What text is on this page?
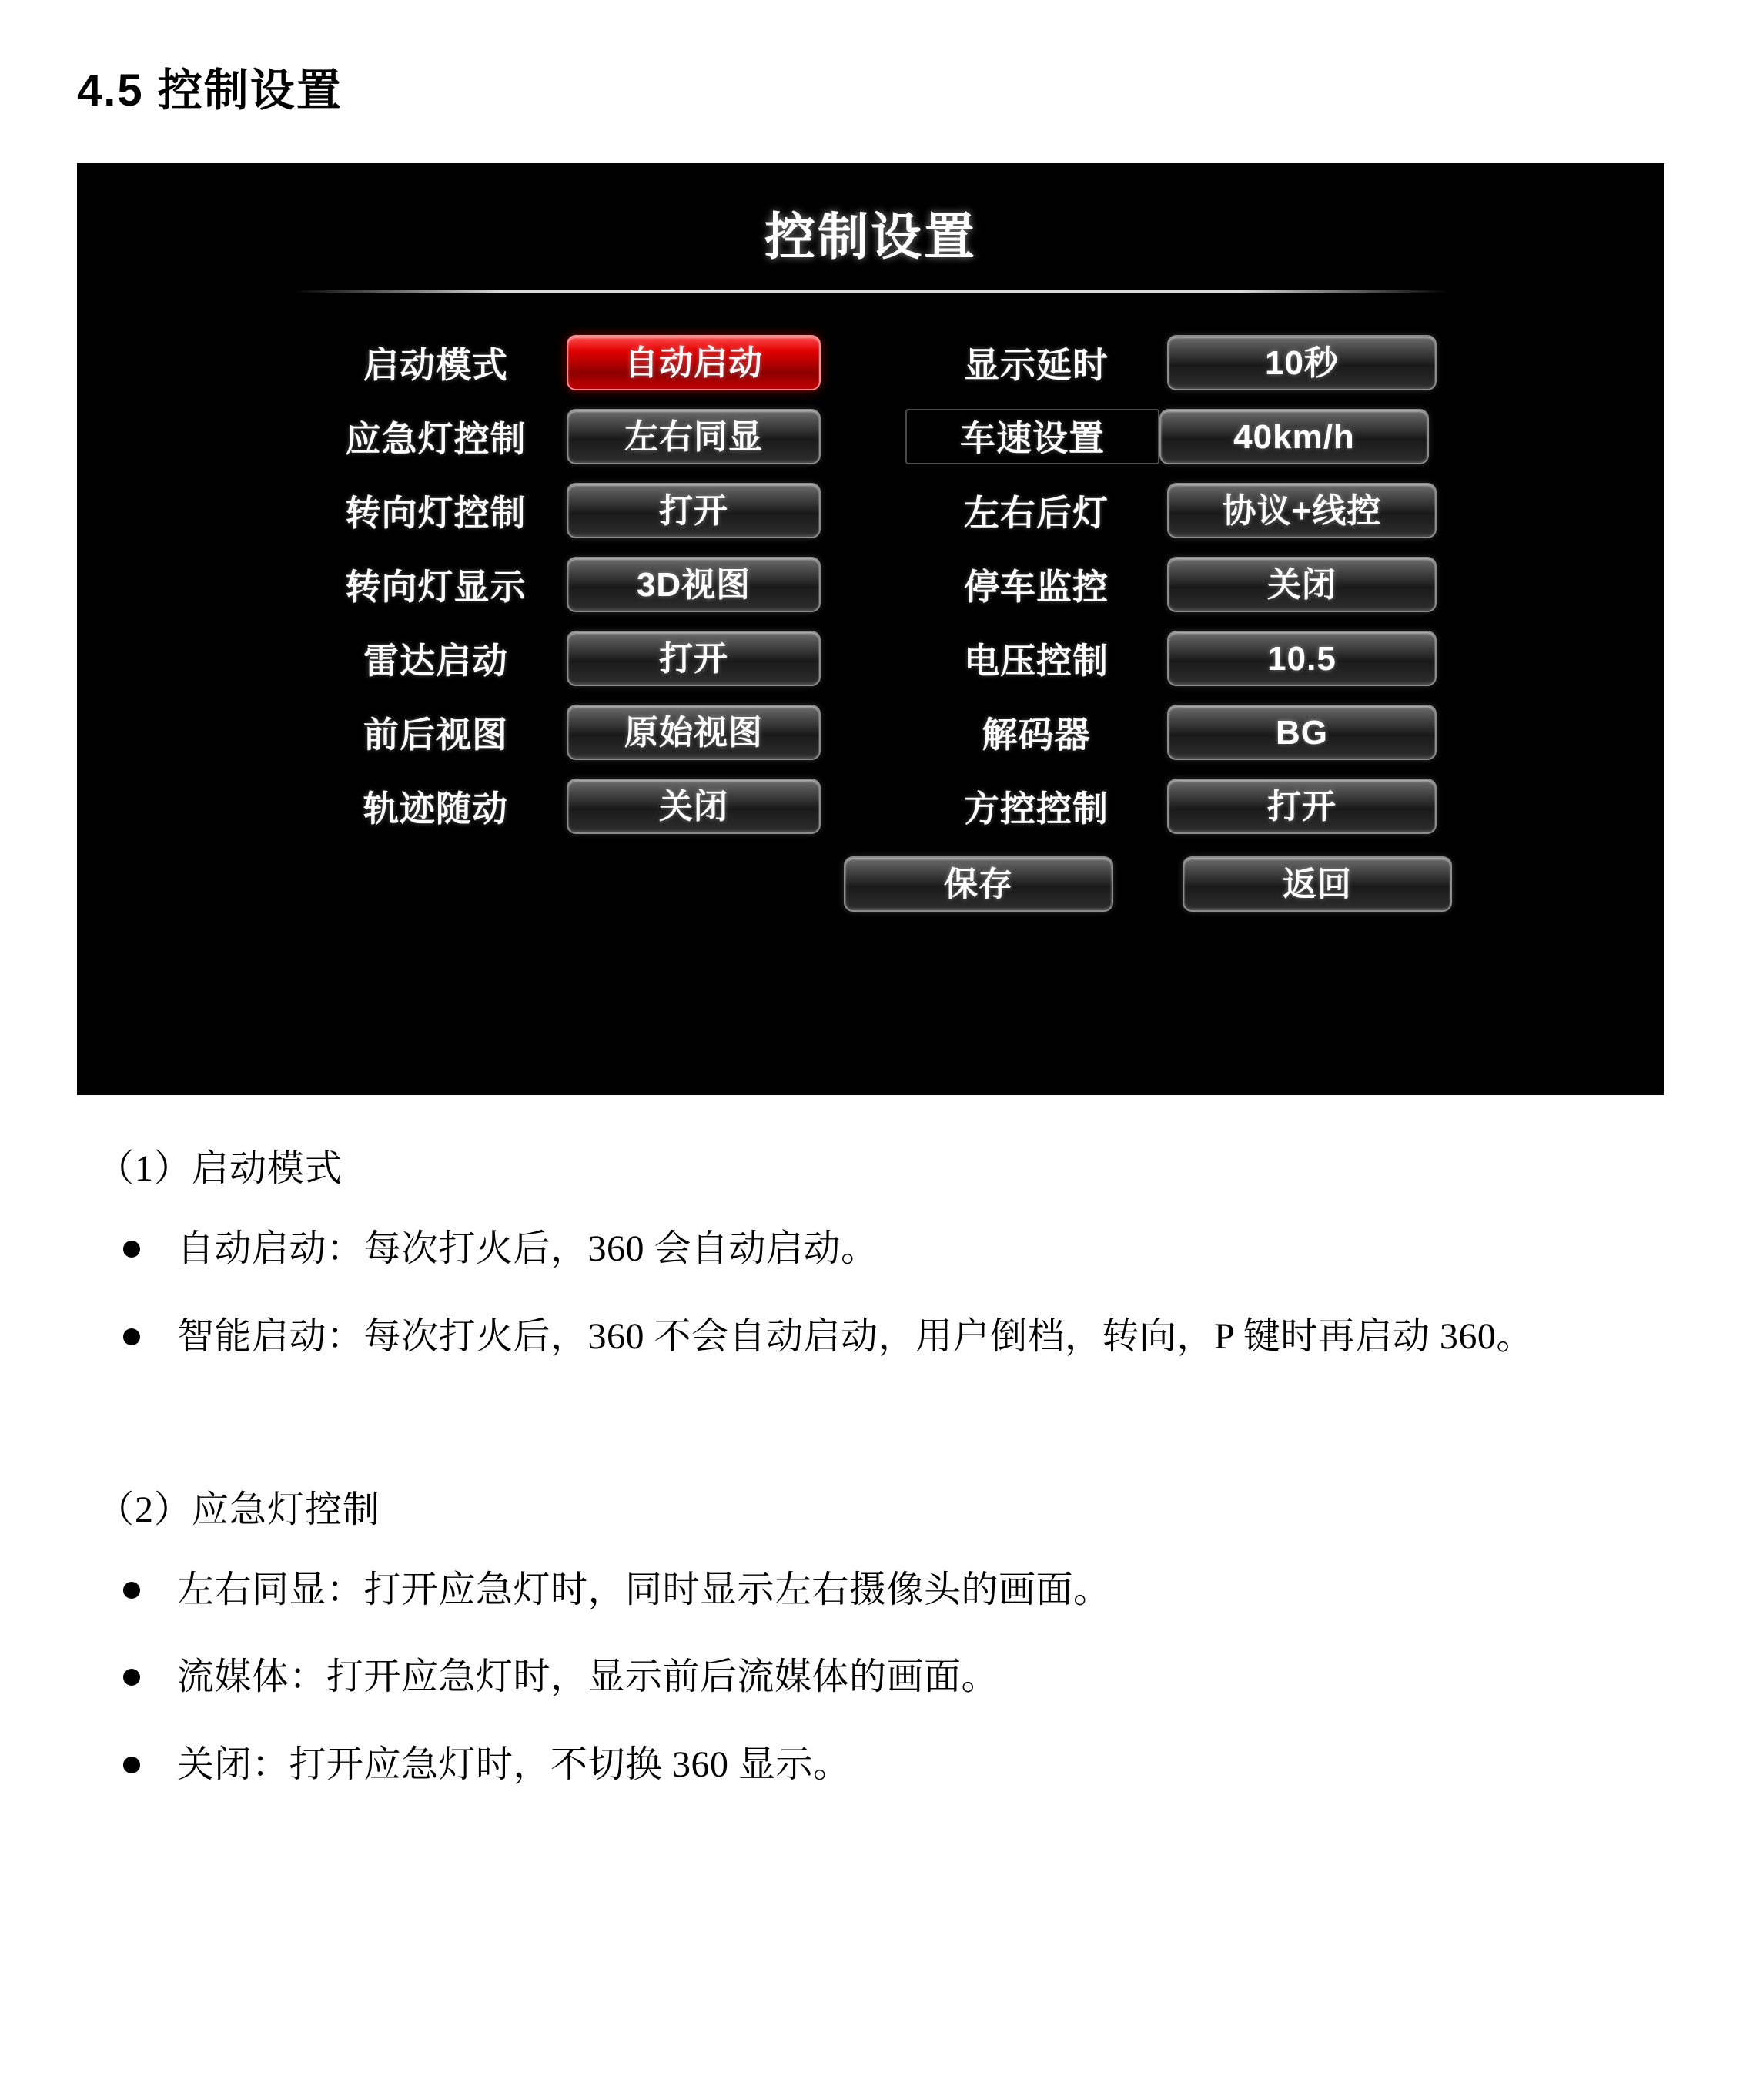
4.5 控制设置
控制设置
启动模式	自动启动
应急灯控制	左右同显
转向灯控制	打开
转向灯显示	3D视图
雷达启动	打开
前后视图	原始视图
轨迹随动	关闭
显示延时	10秒
车速设置	40km/h
左右后灯	协议+线控
停车监控	关闭
电压控制	10.5
解码器	BG
方控控制	打开
保存	返回

（1）启动模式

自动启动：每次打火后，360 会自动启动。
智能启动：每次打火后，360 不会自动启动，用户倒档，转向，P 键时再启动 360。

（2）应急灯控制

左右同显：打开应急灯时，同时显示左右摄像头的画面。
流媒体：打开应急灯时，显示前后流媒体的画面。
关闭：打开应急灯时，不切换 360 显示。
